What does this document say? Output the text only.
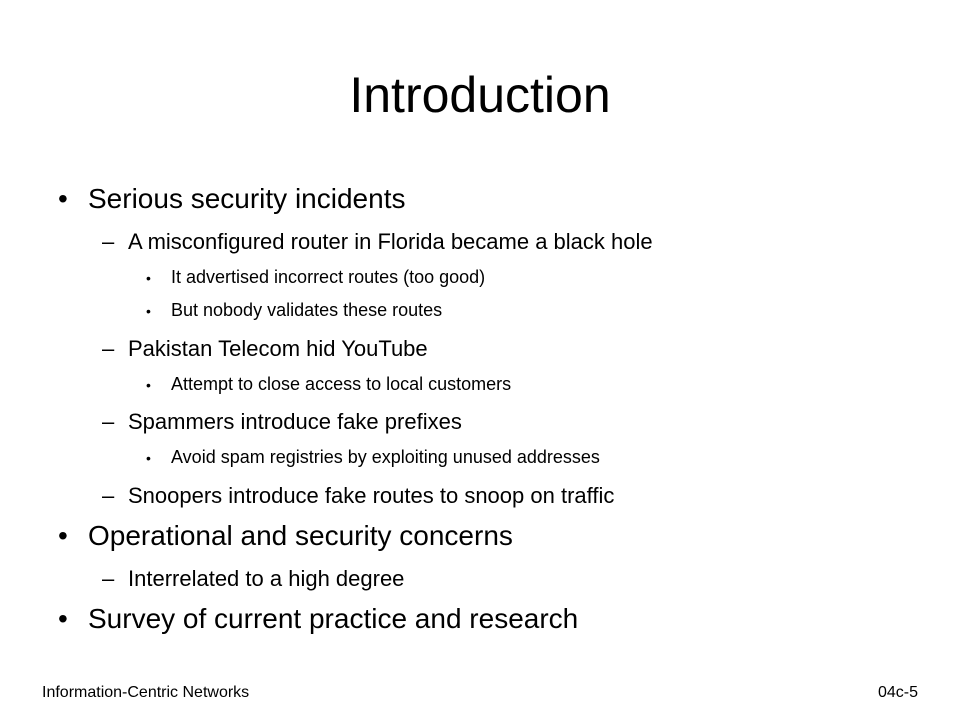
Introduction
• Serious security incidents
– A misconfigured router in Florida became a black hole
• It advertised incorrect routes (too good)
• But nobody validates these routes
– Pakistan Telecom hid YouTube
• Attempt to close access to local customers
– Spammers introduce fake prefixes
• Avoid spam registries by exploiting unused addresses
– Snoopers introduce fake routes to snoop on traffic
• Operational and security concerns
– Interrelated to a high degree
• Survey of current practice and research
Information-Centric Networks	04c-5
